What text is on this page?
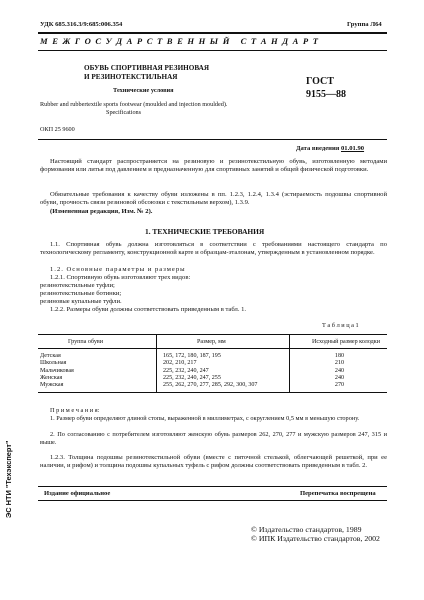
УДК 685.316.3/9:685:006.354	Группа Л64
М Е Ж Г О С У Д А Р С Т В Е Н Н Ы Й   С Т А Н Д А Р Т
ОБУВЬ СПОРТИВНАЯ РЕЗИНОВАЯ
И РЕЗИНОТЕКСТИЛЬНАЯ
Технические условия
Rubber and rubbertextile sports footwear (moulded and injection moulded).
Specifications
ГОСТ
9155—88
ОКП 25 9600
Дата введения 01.01.90
Настоящий стандарт распространяется на резиновую и резинотекстильную обувь, изготовленную методами формования или литья под давлением и предназначенную для спортивных занятий и общей физической подготовки.
Обязательные требования к качеству обуви изложены в пп. 1.2.3, 1.2.4, 1.3.4 (эстираемость подошвы спортивной обуви, прочность связи резиновой обсоюзки с текстильным верхом), 1.3.9.
(Измененная редакция, Изм. № 2).
1. ТЕХНИЧЕСКИЕ ТРЕБОВАНИЯ
1.1. Спортивная обувь должна изготовляться в соответствии с требованиями настоящего стандарта по технологическому регламенту, конструкционной карте и образцам-эталонам, утвержденным в установленном порядке.
1.2. Основные параметры и размеры
1.2.1. Спортивную обувь изготовляют трех видов:
резинотекстильные туфли;
резинотекстильные ботинки;
резиновые купальные туфли.
1.2.2. Размеры обуви должны соответствовать приведенным в табл. 1.
Т а б л и ц а 1
Группа обуви	Размер, мм	Исходный размер колодки
Детская	165, 172, 180, 187, 195	180
Школьная	202, 210, 217	210
Мальчиковая	225, 232, 240, 247	240
Женская	225, 232, 240, 247, 255	240
Мужская	255, 262, 270, 277, 285, 292, 300, 307	270
П р и м е ч а н и я:
1. Размер обуви определяют длиной стопы, выраженной в миллиметрах, с округлением 0,5 мм в меньшую сторону.
2. По согласованию с потребителем изготовляют женскую обувь размеров 262, 270, 277 и мужскую размеров 247, 315 и выше.
1.2.3. Толщина подошвы резинотекстильной обуви (вместе с пяточной стелькой, облегчающей решеткой, при ее наличии, и рифом) и толщина подошвы купальных туфель с рифом должны соответствовать приведенным в табл. 2.
Издание официальное	Перепечатка воспрещена
© Издательство стандартов, 1989
© ИПК Издательство стандартов, 2002
ЭС НТИ "Техэксперт"
